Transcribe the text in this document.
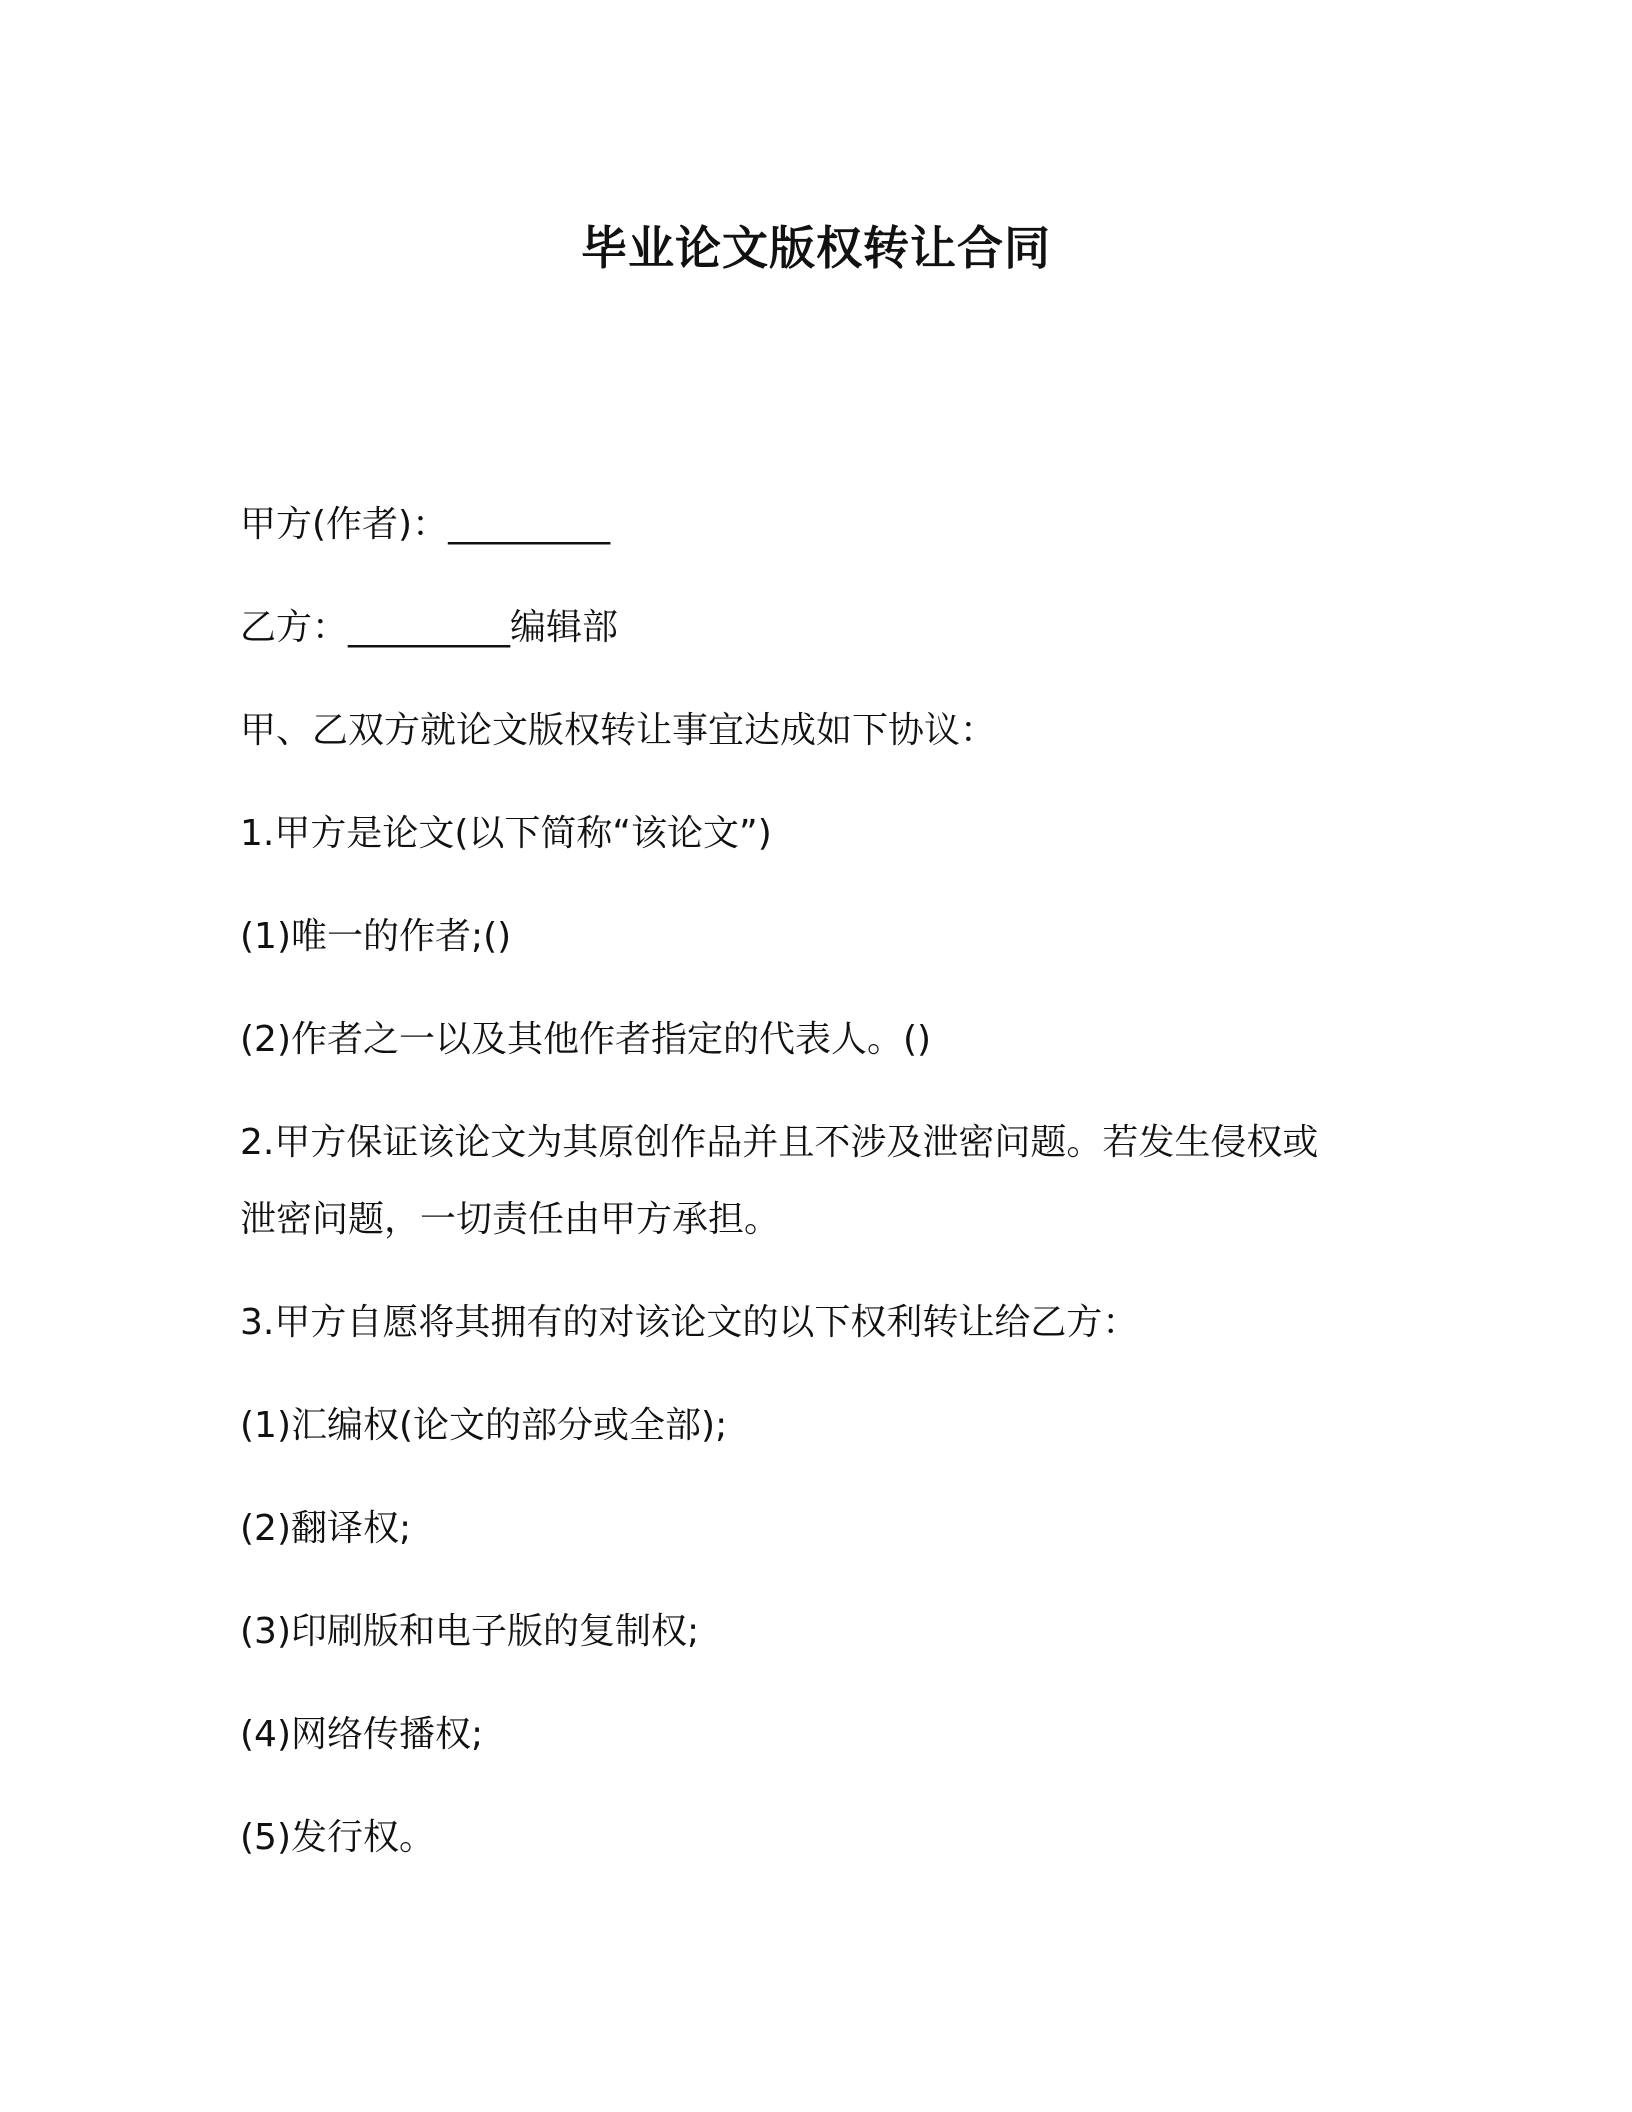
毕业论文版权转让合同
甲方(作者)：_________
乙方：_________编辑部
甲、乙双方就论文版权转让事宜达成如下协议：
1.甲方是论文(以下简称“该论文”)
(1)唯一的作者;()
(2)作者之一以及其他作者指定的代表人。()
2.甲方保证该论文为其原创作品并且不涉及泄密问题。若发生侵权或
泄密问题，一切责任由甲方承担。
3.甲方自愿将其拥有的对该论文的以下权利转让给乙方：
(1)汇编权(论文的部分或全部);
(2)翻译权;
(3)印刷版和电子版的复制权;
(4)网络传播权;
(5)发行权。
